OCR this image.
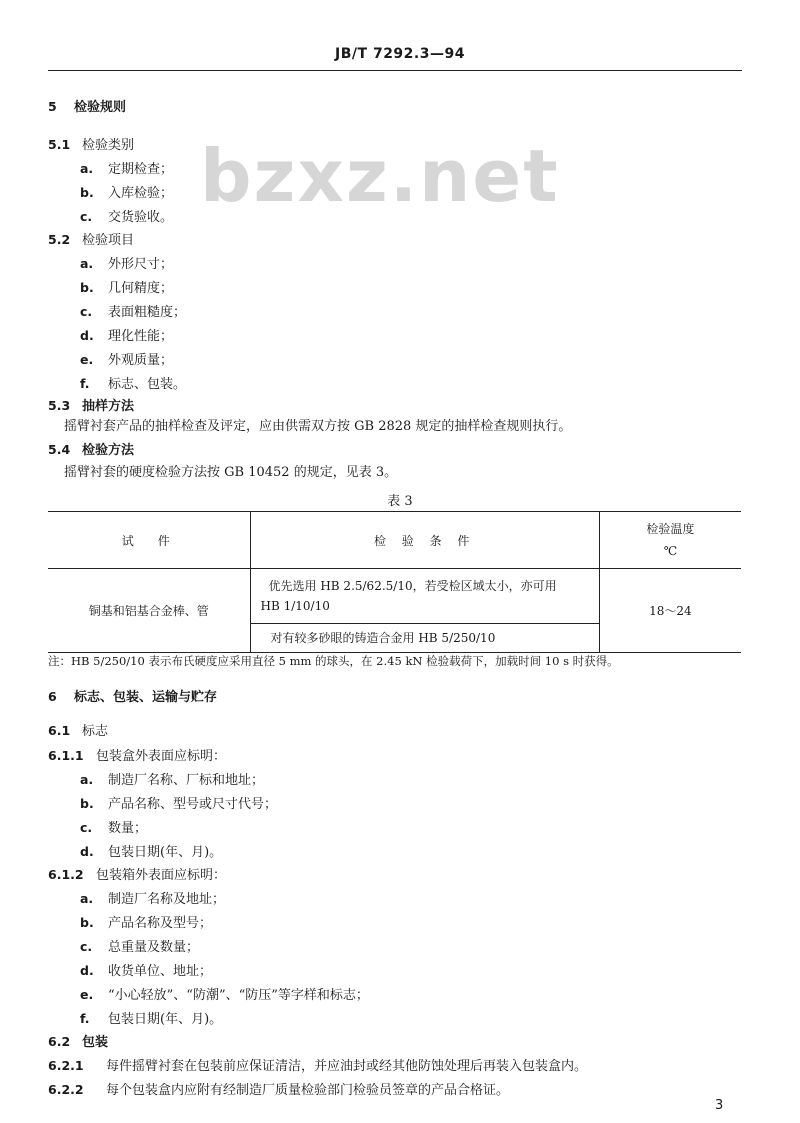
JB/T 7292.3—94
bzxz.net
5 检验规则
5.1 检验类别
a. 定期检查；
b. 入库检验；
c. 交货验收。
5.2 检验项目
a. 外形尺寸；
b. 几何精度；
c. 表面粗糙度；
d. 理化性能；
e. 外观质量；
f. 标志、包装。
5.3 抽样方法
摇臂衬套产品的抽样检查及评定，应由供需双方按 GB 2828 规定的抽样检查规则执行。
5.4 检验方法
摇臂衬套的硬度检验方法按 GB 10452 的规定，见表 3。
表 3
试　件	检 验 条 件	检验温度
℃

铜基和铝基合金棒、管	优先选用 HB 2.5/62.5/10，若受检区域太小，亦可用
HB 1/10/10	18～24
	对有较多砂眼的铸造合金用 HB 5/250/10	
注：HB 5/250/10 表示布氏硬度应采用直径 5 mm 的球头，在 2.45 kN 检验载荷下，加载时间 10 s 时获得。
6 标志、包装、运输与贮存
6.1 标志
6.1.1 包装盒外表面应标明：
a. 制造厂名称、厂标和地址；
b. 产品名称、型号或尺寸代号；
c. 数量；
d. 包装日期(年、月)。
6.1.2 包装箱外表面应标明：
a. 制造厂名称及地址；
b. 产品名称及型号；
c. 总重量及数量；
d. 收货单位、地址；
e. “小心轻放”、“防潮”、“防压”等字样和标志；
f. 包装日期(年、月)。
6.2 包装
6.2.1 每件摇臂衬套在包装前应保证清洁，并应油封或经其他防蚀处理后再装入包装盒内。
6.2.2 每个包装盒内应附有经制造厂质量检验部门检验员签章的产品合格证。
3
